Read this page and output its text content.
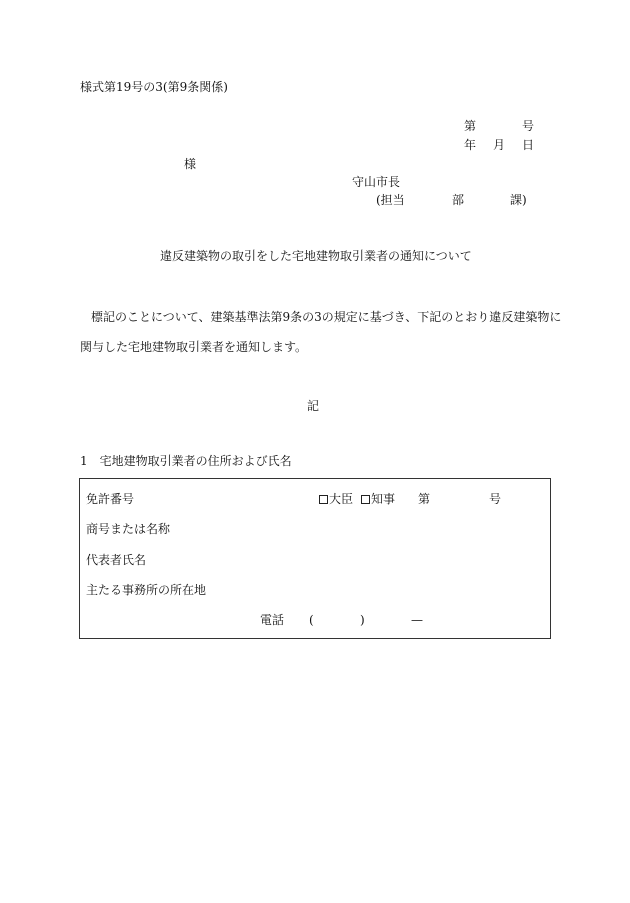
様式第19号の3(第9条関係)
第	号
年 月 日
様
守山市長
(担当	部	課)
違反建築物の取引をした宅地建物取引業者の通知について
標記のことについて、建築基準法第9条の3の規定に基づき、下記のとおり違反建築物に
関与した宅地建物取引業者を通知します。
記
1　宅地建物取引業者の住所および氏名
免許番号	大臣	知事 第	号
商号または名称
代表者氏名
主たる事務所の所在地
電話 (	)	—
